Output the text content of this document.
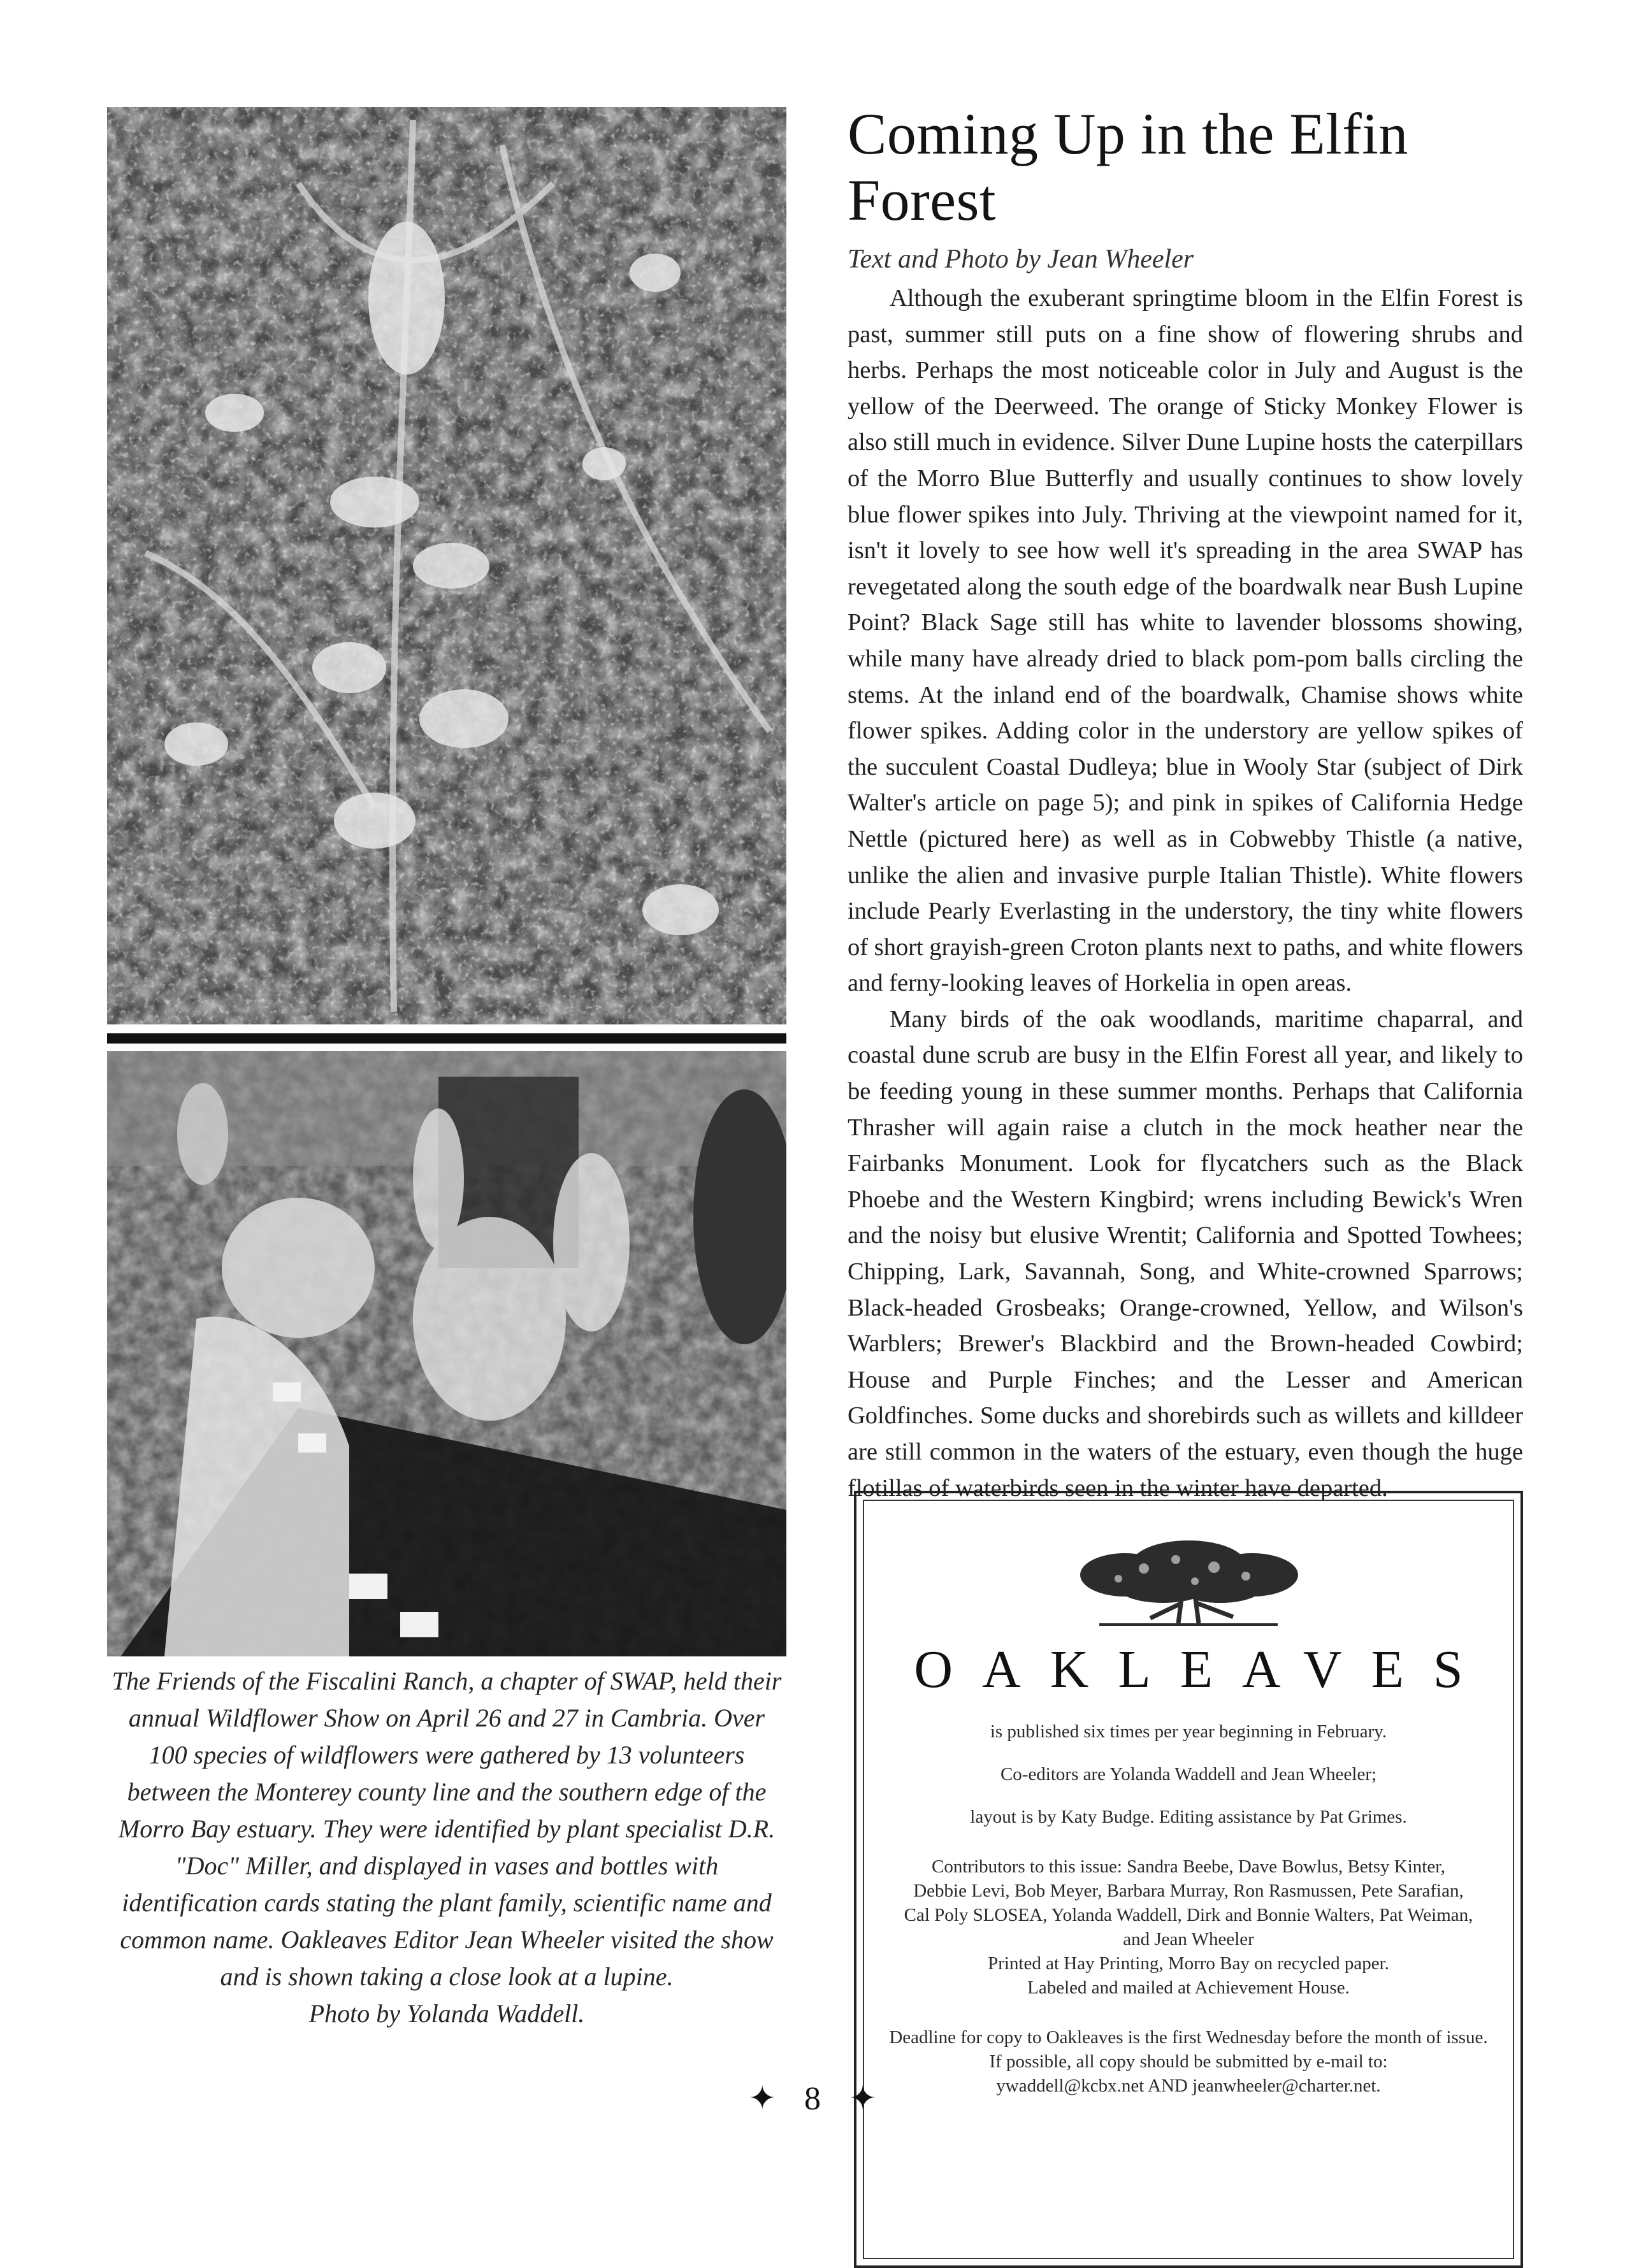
The Friends of the Fiscalini Ranch, a chapter of SWAP, held their annual Wildflower Show on April 26 and 27 in Cambria. Over 100 species of wildflowers were gathered by 13 volunteers between the Monterey county line and the southern edge of the Morro Bay estuary. They were identified by plant specialist D.R. "Doc" Miller, and displayed in vases and bottles with identification cards stating the plant family, scientific name and common name. Oakleaves Editor Jean Wheeler visited the show and is shown taking a close look at a lupine.

Photo by Yolanda Waddell.

Coming Up in the Elfin Forest
Text and Photo by Jean Wheeler

Although the exuberant springtime bloom in the Elfin Forest is past, summer still puts on a fine show of flowering shrubs and herbs. Perhaps the most noticeable color in July and August is the yellow of the Deerweed. The orange of Sticky Monkey Flower is also still much in evidence. Silver Dune Lupine hosts the caterpillars of the Morro Blue Butterfly and usually continues to show lovely blue flower spikes into July. Thriving at the viewpoint named for it, isn't it lovely to see how well it's spreading in the area SWAP has revegetated along the south edge of the boardwalk near Bush Lupine Point? Black Sage still has white to lavender blossoms showing, while many have already dried to black pom-pom balls circling the stems. At the inland end of the boardwalk, Chamise shows white flower spikes. Adding color in the understory are yellow spikes of the succulent Coastal Dudleya; blue in Wooly Star (subject of Dirk Walter's article on page 5); and pink in spikes of California Hedge Nettle (pictured here) as well as in Cobwebby Thistle (a native, unlike the alien and invasive purple Italian Thistle). White flowers include Pearly Everlasting in the understory, the tiny white flowers of short grayish-green Croton plants next to paths, and white flowers and ferny-looking leaves of Horkelia in open areas.

Many birds of the oak woodlands, maritime chaparral, and coastal dune scrub are busy in the Elfin Forest all year, and likely to be feeding young in these summer months. Perhaps that California Thrasher will again raise a clutch in the mock heather near the Fairbanks Monument. Look for flycatchers such as the Black Phoebe and the Western Kingbird; wrens including Bewick's Wren and the noisy but elusive Wrentit; California and Spotted Towhees; Chipping, Lark, Savannah, Song, and White-crowned Sparrows; Black-headed Grosbeaks; Orange-crowned, Yellow, and Wilson's Warblers; Brewer's Blackbird and the Brown-headed Cowbird; House and Purple Finches; and the Lesser and American Goldfinches. Some ducks and shorebirds such as willets and killdeer are still common in the waters of the estuary, even though the huge flotillas of waterbirds seen in the winter have departed.

OAKLEAVES

is published six times per year beginning in February.

Co-editors are Yolanda Waddell and Jean Wheeler;

layout is by Katy Budge. Editing assistance by Pat Grimes.

Contributors to this issue: Sandra Beebe, Dave Bowlus, Betsy Kinter,

Debbie Levi, Bob Meyer, Barbara Murray, Ron Rasmussen, Pete Sarafian,

Cal Poly SLOSEA, Yolanda Waddell, Dirk and Bonnie Walters, Pat Weiman,

and Jean Wheeler

Printed at Hay Printing, Morro Bay on recycled paper.

Labeled and mailed at Achievement House.

Deadline for copy to Oakleaves is the first Wednesday before the month of issue.

If possible, all copy should be submitted by e-mail to:

ywaddell@kcbx.net AND jeanwheeler@charter.net.

✦ 8 ✦
